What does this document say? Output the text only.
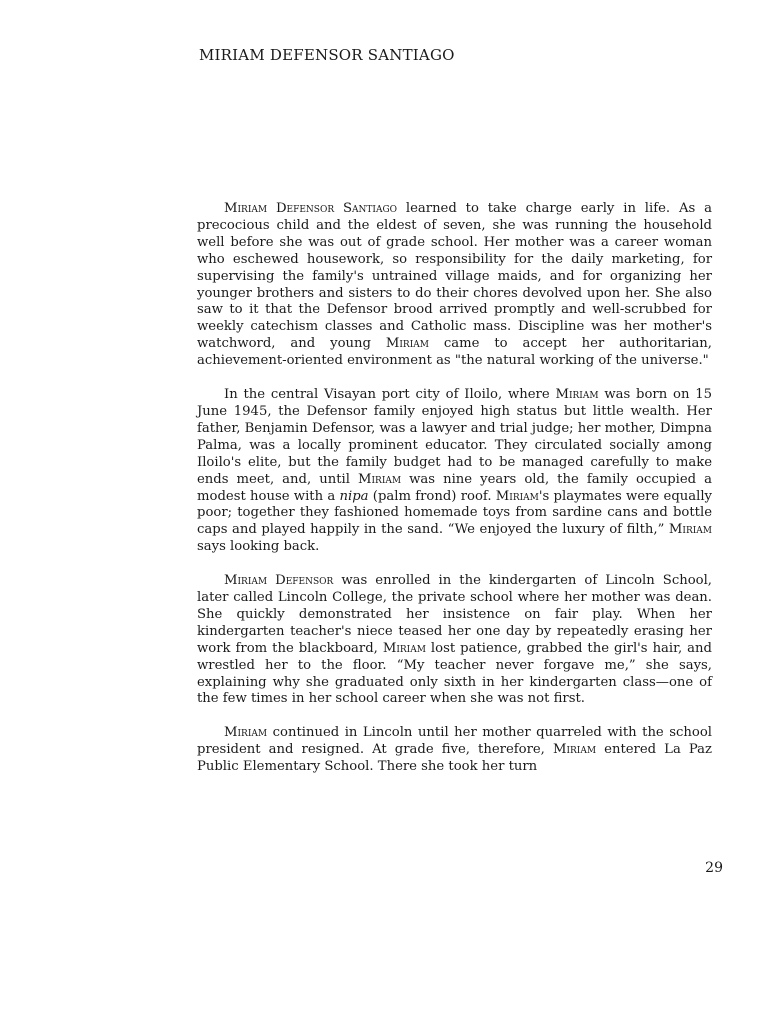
MIRIAM DEFENSOR SANTIAGO

Miriam Defensor Santiago learned to take charge early in life. As a precocious child and the eldest of seven, she was running the household well before she was out of grade school. Her mother was a career woman who eschewed housework, so responsibility for the daily marketing, for supervising the family's untrained village maids, and for organizing her younger brothers and sisters to do their chores devolved upon her. She also saw to it that the Defensor brood arrived promptly and well-scrubbed for weekly catechism classes and Catholic mass. Discipline was her mother's watchword, and young Miriam came to accept her authoritarian, achievement-oriented environment as "the natural working of the universe."

In the central Visayan port city of Iloilo, where Miriam was born on 15 June 1945, the Defensor family enjoyed high status but little wealth. Her father, Benjamin Defensor, was a lawyer and trial judge; her mother, Dimpna Palma, was a locally prominent educator. They circulated socially among Iloilo's elite, but the family budget had to be managed carefully to make ends meet, and, until Miriam was nine years old, the family occupied a modest house with a nipa (palm frond) roof. Miriam's playmates were equally poor; together they fashioned homemade toys from sardine cans and bottle caps and played happily in the sand. “We enjoyed the luxury of filth,” Miriam says looking back.

Miriam Defensor was enrolled in the kindergarten of Lincoln School, later called Lincoln College, the private school where her mother was dean. She quickly demonstrated her insistence on fair play. When her kindergarten teacher's niece teased her one day by repeatedly erasing her work from the blackboard, Miriam lost patience, grabbed the girl's hair, and wrestled her to the floor. “My teacher never forgave me,” she says, explaining why she graduated only sixth in her kindergarten class—one of the few times in her school career when she was not first.

Miriam continued in Lincoln until her mother quarreled with the school president and resigned. At grade five, therefore, Miriam entered La Paz Public Elementary School. There she took her turn

29
